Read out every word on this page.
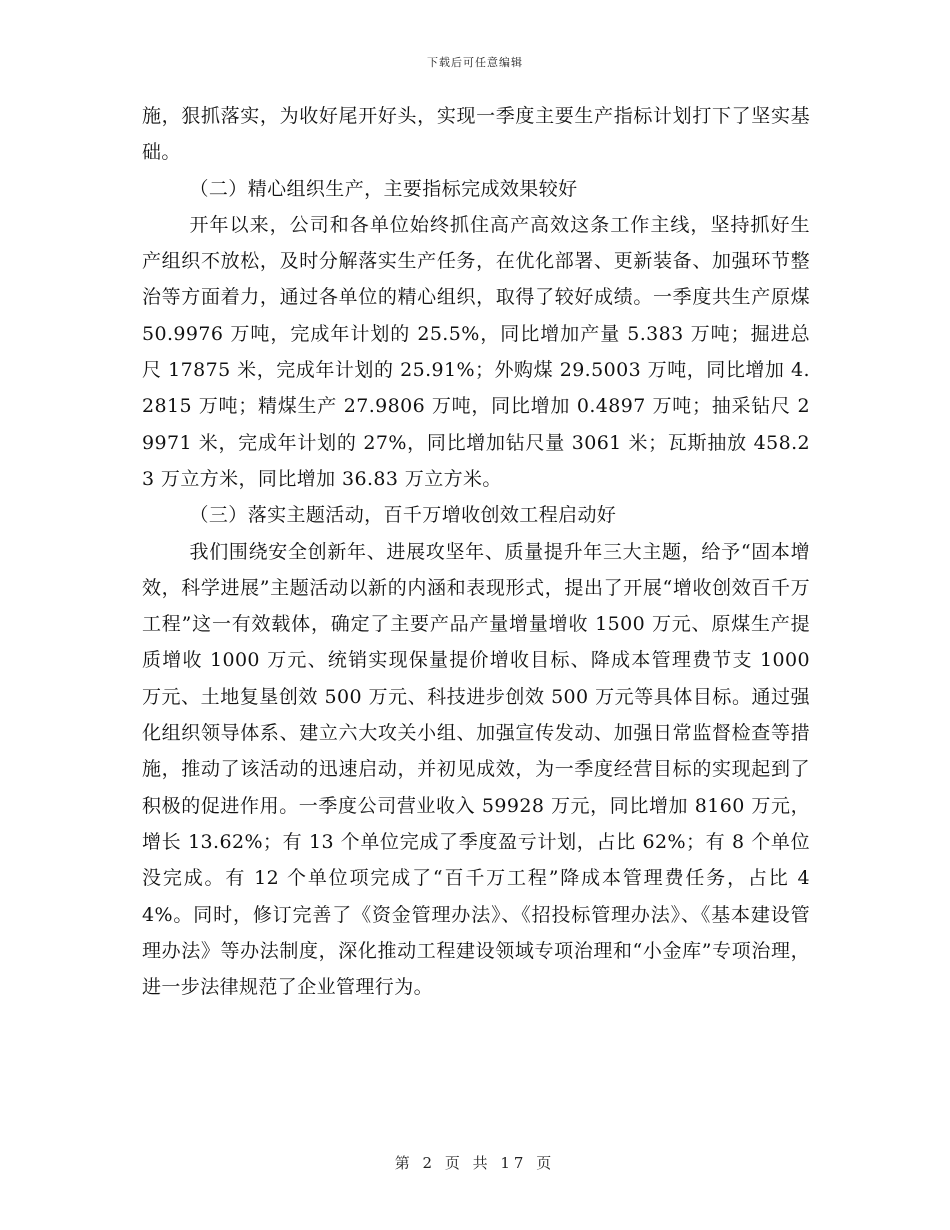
下载后可任意编辑

施，狠抓落实，为收好尾开好头，实现一季度主要生产指标计划打下了坚实基础。

（二）精心组织生产，主要指标完成效果较好

开年以来，公司和各单位始终抓住高产高效这条工作主线，坚持抓好生产组织不放松，及时分解落实生产任务，在优化部署、更新装备、加强环节整治等方面着力，通过各单位的精心组织，取得了较好成绩。一季度共生产原煤 50.9976 万吨，完成年计划的 25.5%，同比增加产量 5.383 万吨；掘进总尺 17875 米，完成年计划的 25.91%；外购煤 29.5003 万吨，同比增加 4.2815 万吨；精煤生产 27.9806 万吨，同比增加 0.4897 万吨；抽采钻尺 29971 米，完成年计划的 27%，同比增加钻尺量 3061 米；瓦斯抽放 458.23 万立方米，同比增加 36.83 万立方米。

（三）落实主题活动，百千万增收创效工程启动好

我们围绕安全创新年、进展攻坚年、质量提升年三大主题，给予“固本增效，科学进展”主题活动以新的内涵和表现形式，提出了开展“增收创效百千万工程”这一有效载体，确定了主要产品产量增量增收 1500 万元、原煤生产提质增收 1000 万元、统销实现保量提价增收目标、降成本管理费节支 1000 万元、土地复垦创效 500 万元、科技进步创效 500 万元等具体目标。通过强化组织领导体系、建立六大攻关小组、加强宣传发动、加强日常监督检查等措施，推动了该活动的迅速启动，并初见成效，为一季度经营目标的实现起到了积极的促进作用。一季度公司营业收入 59928 万元，同比增加 8160 万元，增长 13.62%；有 13 个单位完成了季度盈亏计划，占比 62%；有 8 个单位没完成。有 12 个单位项完成了“百千万工程”降成本管理费任务，占比 44%。同时，修订完善了《资金管理办法》、《招投标管理办法》、《基本建设管理办法》等办法制度，深化推动工程建设领域专项治理和“小金库”专项治理，进一步法律规范了企业管理行为。

第 2 页 共 17 页
